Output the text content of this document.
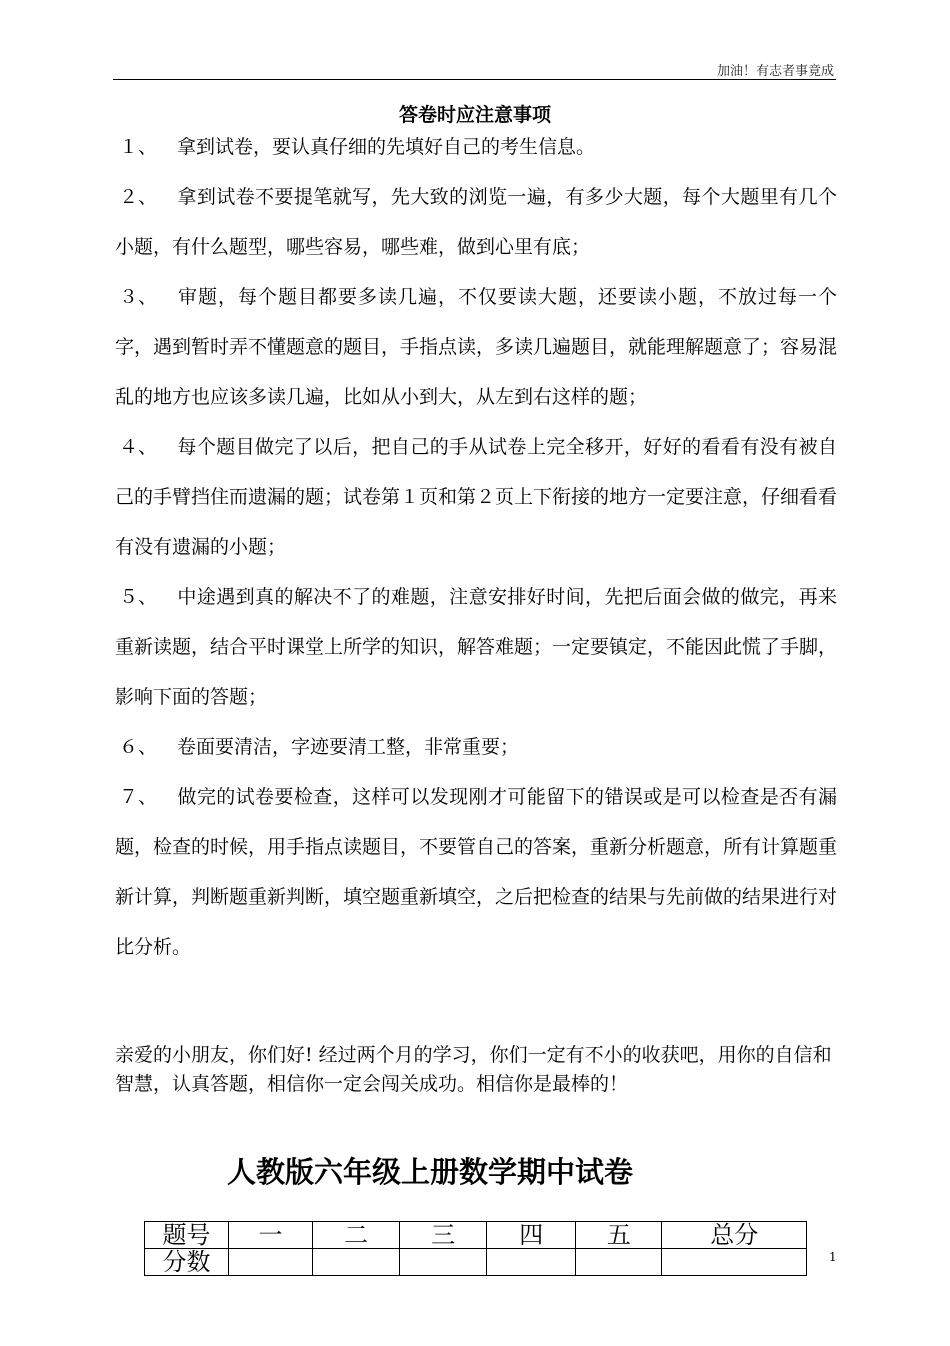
加油！有志者事竟成
答卷时应注意事项
１、 拿到试卷，要认真仔细的先填好自己的考生信息。
２、 拿到试卷不要提笔就写，先大致的浏览一遍，有多少大题，每个大题里有几个小题，有什么题型，哪些容易，哪些难，做到心里有底；
３、 审题，每个题目都要多读几遍，不仅要读大题，还要读小题，不放过每一个字，遇到暂时弄不懂题意的题目，手指点读，多读几遍题目，就能理解题意了；容易混乱的地方也应该多读几遍，比如从小到大，从左到右这样的题；
４、 每个题目做完了以后，把自己的手从试卷上完全移开，好好的看看有没有被自己的手臂挡住而遗漏的题；试卷第１页和第２页上下衔接的地方一定要注意，仔细看看有没有遗漏的小题；
５、 中途遇到真的解决不了的难题，注意安排好时间，先把后面会做的做完，再来重新读题，结合平时课堂上所学的知识，解答难题；一定要镇定，不能因此慌了手脚，影响下面的答题；
６、 卷面要清洁，字迹要清工整，非常重要；
７、 做完的试卷要检查，这样可以发现刚才可能留下的错误或是可以检查是否有漏题，检查的时候，用手指点读题目，不要管自己的答案，重新分析题意，所有计算题重新计算，判断题重新判断，填空题重新填空，之后把检查的结果与先前做的结果进行对比分析。

亲爱的小朋友，你们好! 经过两个月的学习，你们一定有不小的收获吧，用你的自信和智慧，认真答题，相信你一定会闯关成功。相信你是最棒的！

人教版六年级上册数学期中试卷
题号	一	二	三	四	五	总分
分数							1
